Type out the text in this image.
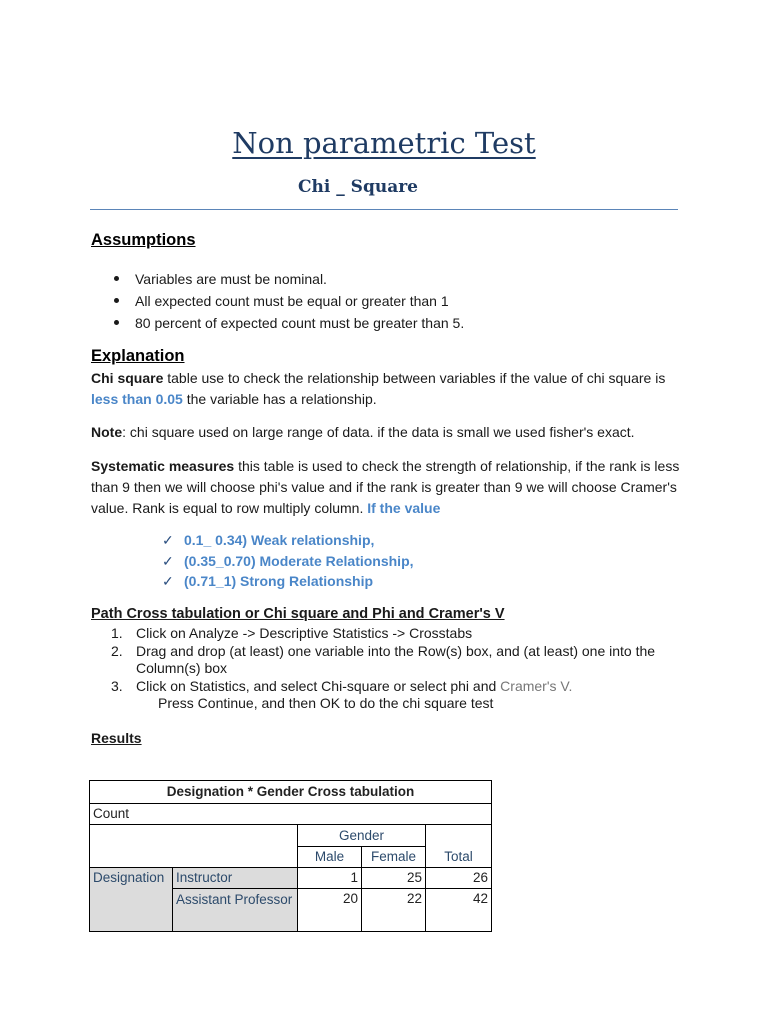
Non parametric Test
Chi _ Square
Assumptions
Variables are must be nominal.
All expected count must be equal or greater than 1
80 percent of expected count must be greater than 5.
Explanation
Chi square table use to check the relationship between variables if the value of chi square is less than 0.05 the variable has a relationship.
Note: chi square used on large range of data. if the data is small we used fisher's exact.
Systematic measures this table is used to check the strength of relationship, if the rank is less than 9 then we will choose phi's value and if the rank is greater than 9 we will choose Cramer's value. Rank is equal to row multiply column. If the value
✓ 0.1_ 0.34) Weak relationship,
✓ (0.35_0.70) Moderate Relationship,
✓ (0.71_1) Strong Relationship
Path Cross tabulation or Chi square and Phi and Cramer's V
1. Click on Analyze -> Descriptive Statistics -> Crosstabs
2. Drag and drop (at least) one variable into the Row(s) box, and (at least) one into the Column(s) box
3. Click on Statistics, and select Chi-square or select phi and Cramer's V.
Press Continue, and then OK to do the chi square test
Results
Designation * Gender Cross tabulation				
Count				
		Gender		
		Male	Female	Total
Designation	Instructor	1	25	26
	Assistant Professor	20	22	42
